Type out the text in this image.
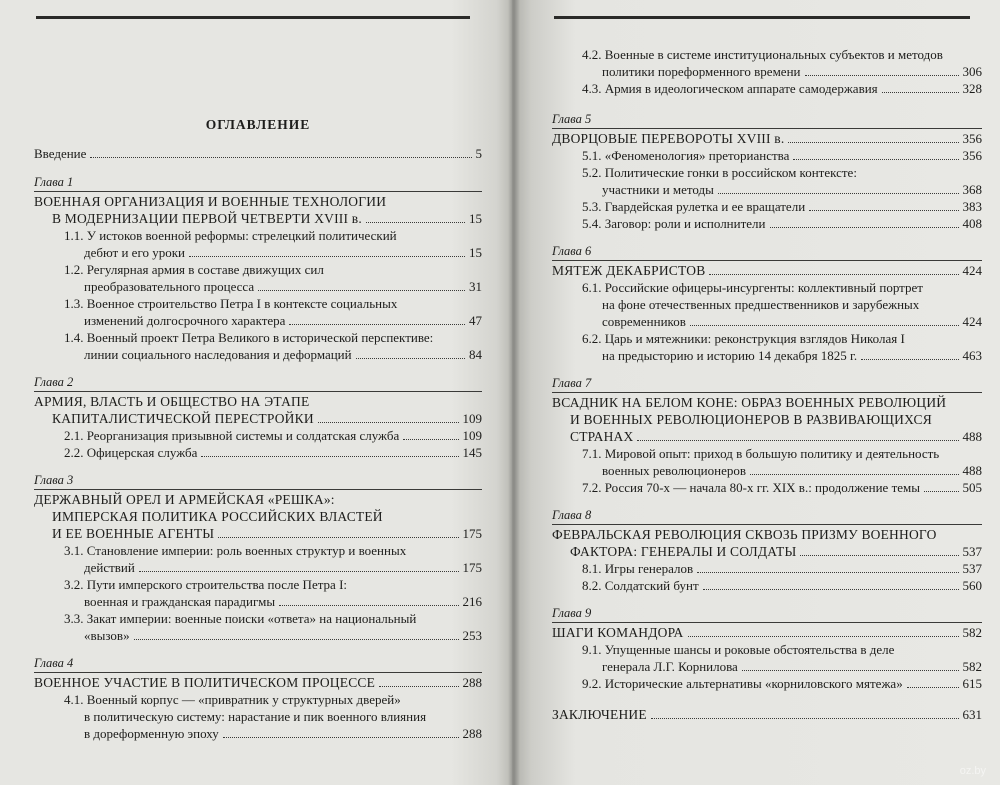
ОГЛАВЛЕНИЕ
Введение	5
Глава 1
ВОЕННАЯ ОРГАНИЗАЦИЯ И ВОЕННЫЕ ТЕХНОЛОГИИ
В МОДЕРНИЗАЦИИ ПЕРВОЙ ЧЕТВЕРТИ XVIII в.	15
1.1. У истоков военной реформы: стрелецкий политический
дебют и его уроки	15
1.2. Регулярная армия в составе движущих сил
преобразовательного процесса	31
1.3. Военное строительство Петра I в контексте социальных
изменений долгосрочного характера	47
1.4. Военный проект Петра Великого в исторической перспективе:
линии социального наследования и деформаций	84
Глава 2
АРМИЯ, ВЛАСТЬ И ОБЩЕСТВО НА ЭТАПЕ
КАПИТАЛИСТИЧЕСКОЙ ПЕРЕСТРОЙКИ	109
2.1. Реорганизация призывной системы и солдатская служба	109
2.2. Офицерская служба	145
Глава 3
ДЕРЖАВНЫЙ ОРЕЛ И АРМЕЙСКАЯ «РЕШКА»:
ИМПЕРСКАЯ ПОЛИТИКА РОССИЙСКИХ ВЛАСТЕЙ
И ЕЕ ВОЕННЫЕ АГЕНТЫ	175
3.1. Становление империи: роль военных структур и военных
действий	175
3.2. Пути имперского строительства после Петра I:
военная и гражданская парадигмы	216
3.3. Закат империи: военные поиски «ответа» на национальный
«вызов»	253
Глава 4
ВОЕННОЕ УЧАСТИЕ В ПОЛИТИЧЕСКОМ ПРОЦЕССЕ	288
4.1. Военный корпус — «привратник у структурных дверей»
в политическую систему: нарастание и пик военного влияния
в дореформенную эпоху	288
4.2. Военные в системе институциональных субъектов и методов
политики пореформенного времени	306
4.3. Армия в идеологическом аппарате самодержавия	328
Глава 5
ДВОРЦОВЫЕ ПЕРЕВОРОТЫ XVIII в.	356
5.1. «Феноменология» преторианства	356
5.2. Политические гонки в российском контексте:
участники и методы	368
5.3. Гвардейская рулетка и ее вращатели	383
5.4. Заговор: роли и исполнители	408
Глава 6
МЯТЕЖ ДЕКАБРИСТОВ	424
6.1. Российские офицеры-инсургенты: коллективный портрет
на фоне отечественных предшественников и зарубежных
современников	424
6.2. Царь и мятежники: реконструкция взглядов Николая I
на предысторию и историю 14 декабря 1825 г.	463
Глава 7
ВСАДНИК НА БЕЛОМ КОНЕ: ОБРАЗ ВОЕННЫХ РЕВОЛЮЦИЙ
И ВОЕННЫХ РЕВОЛЮЦИОНЕРОВ В РАЗВИВАЮЩИХСЯ
СТРАНАХ	488
7.1. Мировой опыт: приход в большую политику и деятельность
военных революционеров	488
7.2. Россия 70-х — начала 80-х гг. XIX в.: продолжение темы	505
Глава 8
ФЕВРАЛЬСКАЯ РЕВОЛЮЦИЯ СКВОЗЬ ПРИЗМУ ВОЕННОГО
ФАКТОРА: ГЕНЕРАЛЫ И СОЛДАТЫ	537
8.1. Игры генералов	537
8.2. Солдатский бунт	560
Глава 9
ШАГИ КОМАНДОРА	582
9.1. Упущенные шансы и роковые обстоятельства в деле
генерала Л.Г. Корнилова	582
9.2. Исторические альтернативы «корниловского мятежа»	615
ЗАКЛЮЧЕНИЕ	631
oz.by
